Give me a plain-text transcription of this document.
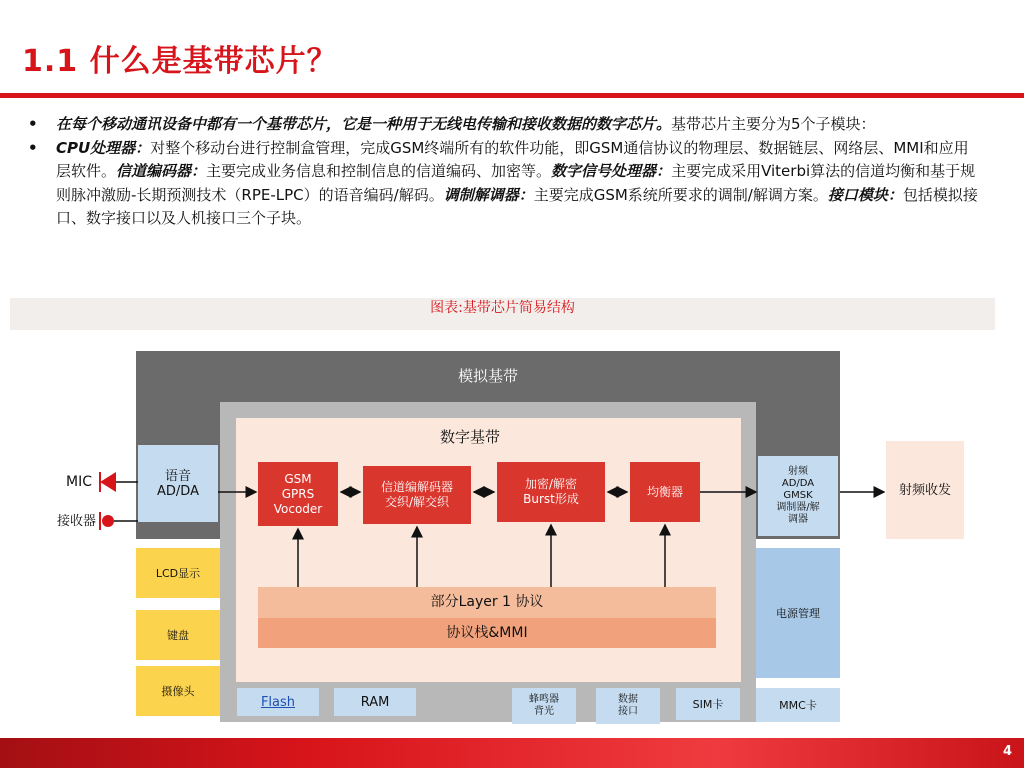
1.1 什么是基带芯片？
• 在每个移动通讯设备中都有一个基带芯片，它是一种用于无线电传输和接收数据的数字芯片。基带芯片主要分为5个子模块：
• CPU处理器：对整个移动台进行控制盒管理，完成GSM终端所有的软件功能，即GSM通信协议的物理层、数据链层、网络层、MMI和应用层软件。信道编码器：主要完成业务信息和控制信息的信道编码、加密等。数字信号处理器：主要完成采用Viterbi算法的信道均衡和基于规则脉冲激励-长期预测技术（RPE-LPC）的语音编码/解码。调制解调器：主要完成GSM系统所要求的调制/解调方案。接口模块：包括模拟接口、数字接口以及人机接口三个子块。
图表:基带芯片简易结构
模拟基带
数字基带
GSM
GPRS
Vocoder
信道编解码器
交织/解交织
加密/解密
Burst形成
均衡器
部分Layer 1 协议
协议栈&MMI
语音
AD/DA
LCD显示
键盘
摄像头
射频
AD/DA
GMSK
调制器/解
调器
电源管理
MMC卡
射频收发
Flash	RAM	蜂鸣器
背光
数据
接口
SIM卡
MIC
接收器
4
